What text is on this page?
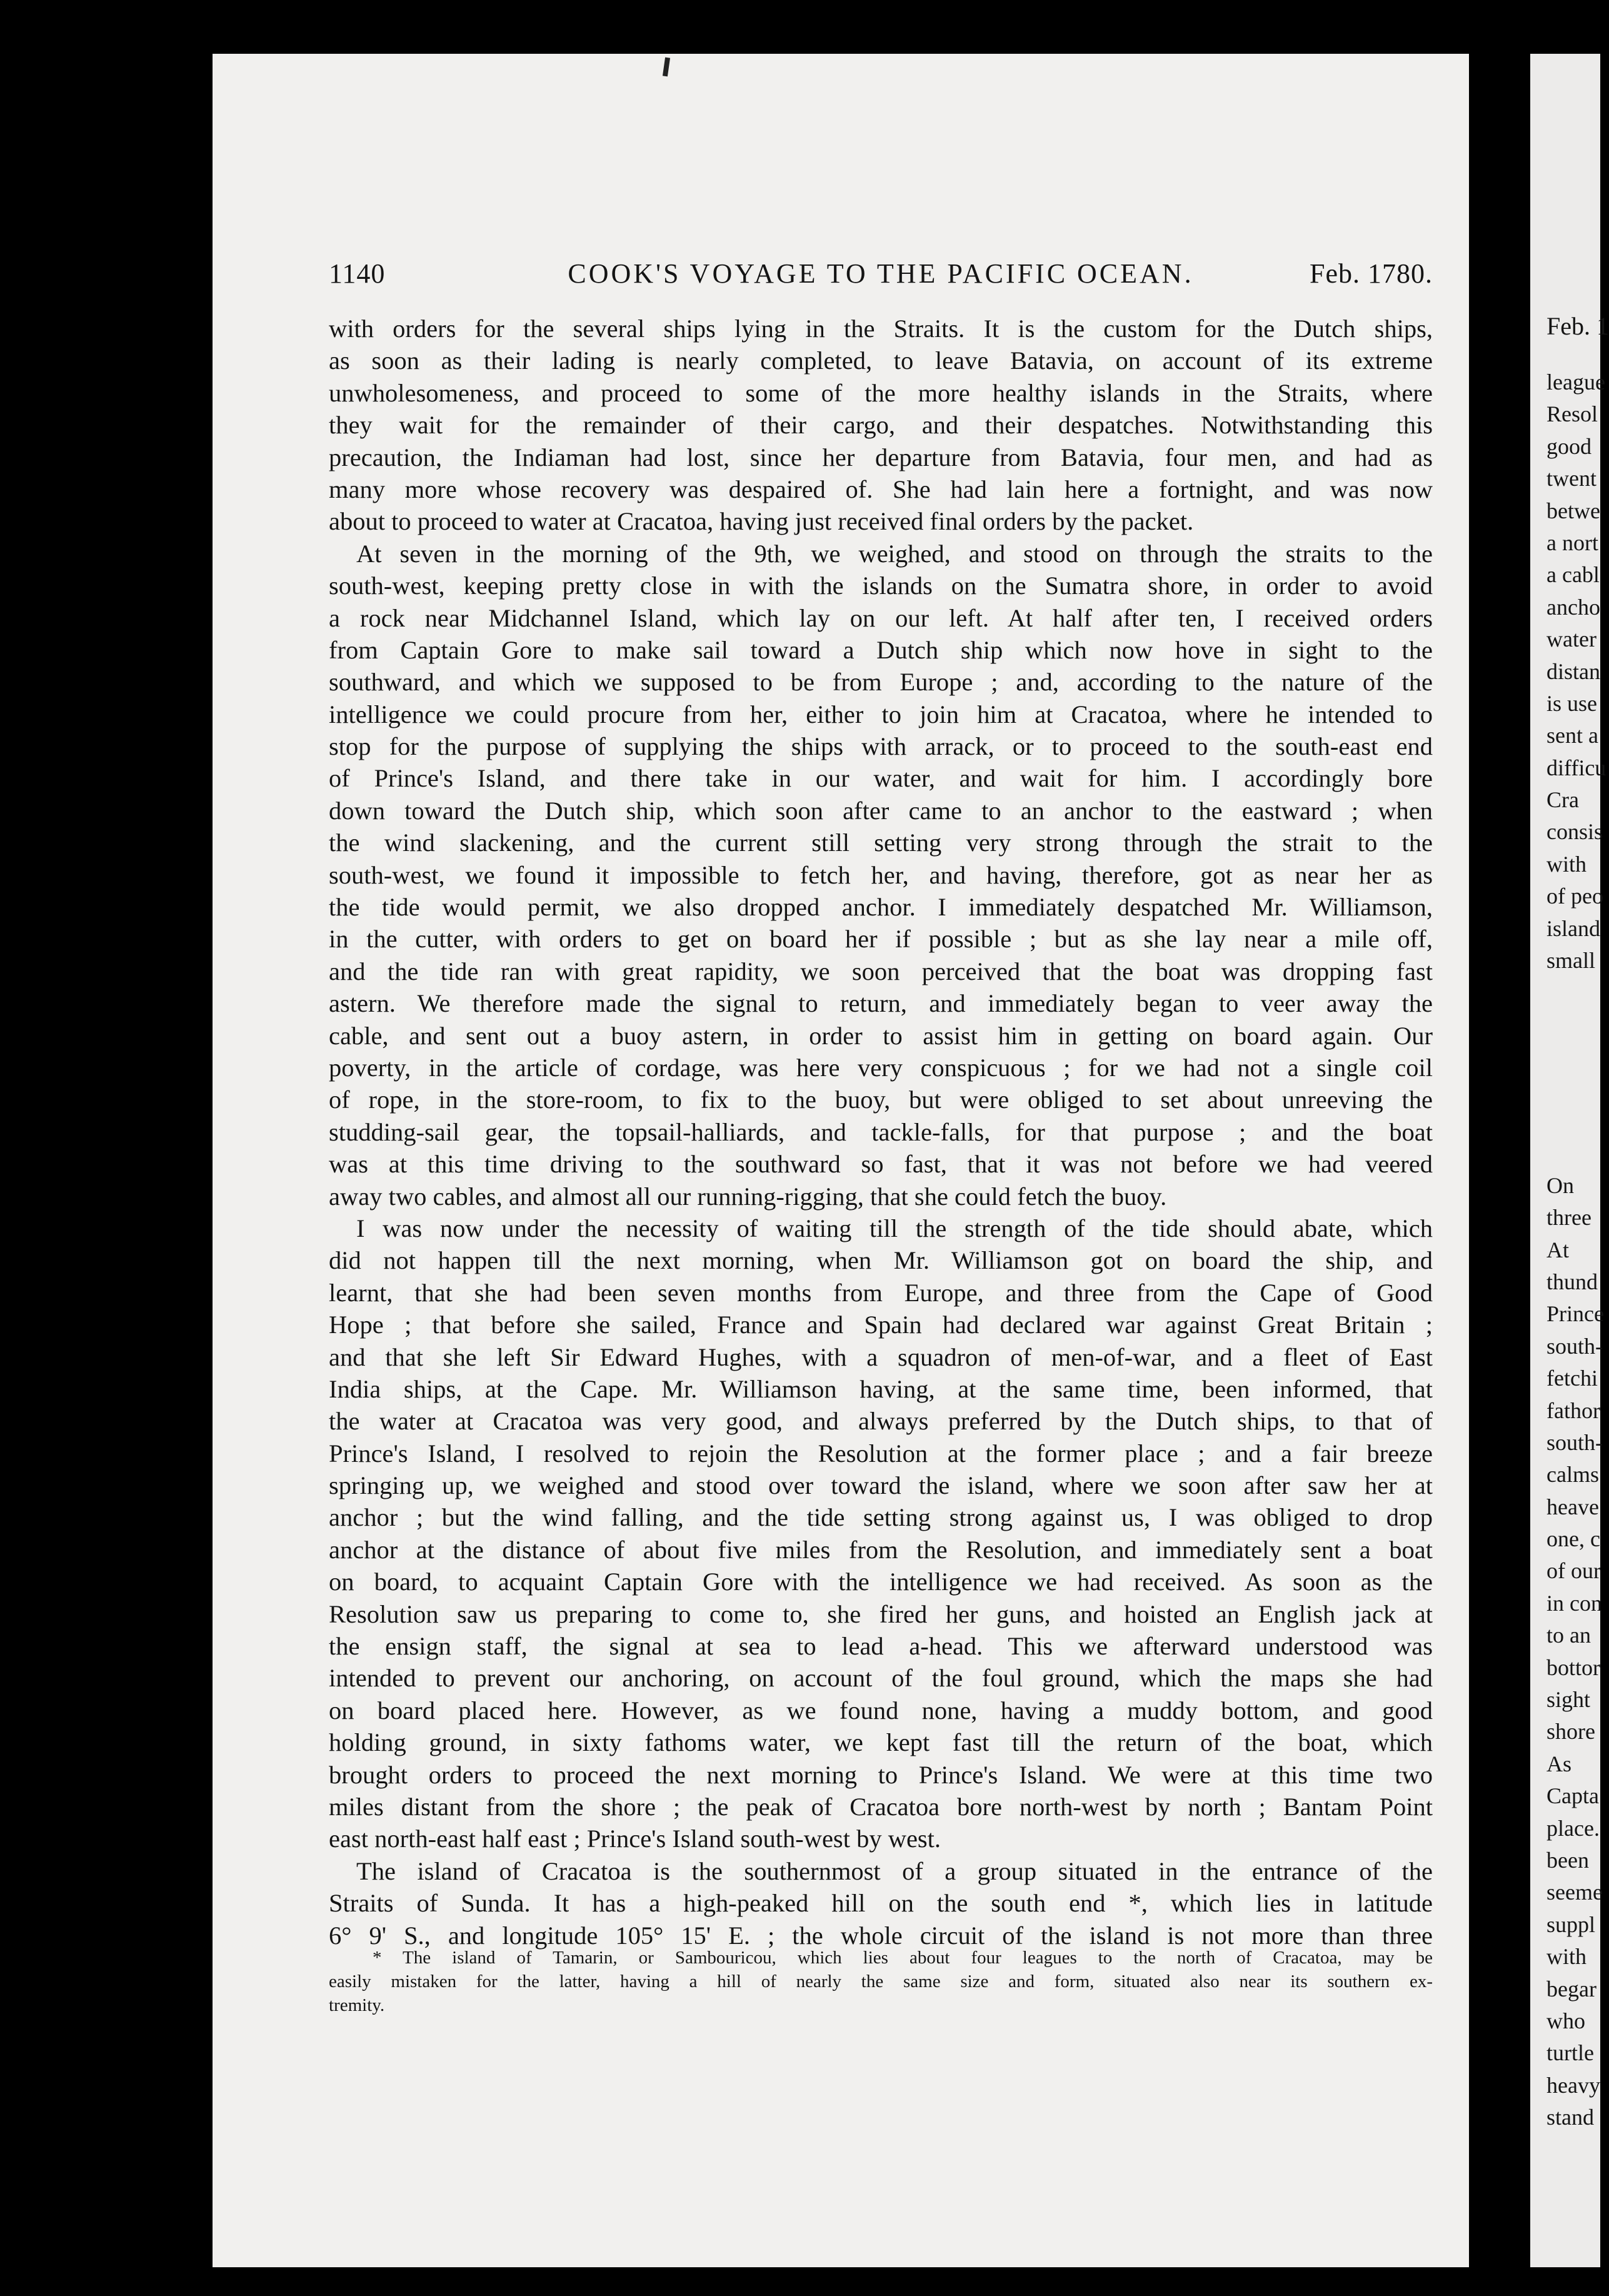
1140	COOK'S VOYAGE TO THE PACIFIC OCEAN.	Feb. 1780.
with orders for the several ships lying in the Straits. It is the custom for the Dutch ships,
as soon as their lading is nearly completed, to leave Batavia, on account of its extreme
unwholesomeness, and proceed to some of the more healthy islands in the Straits, where
they wait for the remainder of their cargo, and their despatches. Notwithstanding this
precaution, the Indiaman had lost, since her departure from Batavia, four men, and had as
many more whose recovery was despaired of. She had lain here a fortnight, and was now
about to proceed to water at Cracatoa, having just received final orders by the packet.
At seven in the morning of the 9th, we weighed, and stood on through the straits to the
south-west, keeping pretty close in with the islands on the Sumatra shore, in order to avoid
a rock near Midchannel Island, which lay on our left. At half after ten, I received orders
from Captain Gore to make sail toward a Dutch ship which now hove in sight to the
southward, and which we supposed to be from Europe ; and, according to the nature of the
intelligence we could procure from her, either to join him at Cracatoa, where he intended to
stop for the purpose of supplying the ships with arrack, or to proceed to the south-east end
of Prince's Island, and there take in our water, and wait for him. I accordingly bore
down toward the Dutch ship, which soon after came to an anchor to the eastward ; when
the wind slackening, and the current still setting very strong through the strait to the
south-west, we found it impossible to fetch her, and having, therefore, got as near her as
the tide would permit, we also dropped anchor. I immediately despatched Mr. Williamson,
in the cutter, with orders to get on board her if possible ; but as she lay near a mile off,
and the tide ran with great rapidity, we soon perceived that the boat was dropping fast
astern. We therefore made the signal to return, and immediately began to veer away the
cable, and sent out a buoy astern, in order to assist him in getting on board again. Our
poverty, in the article of cordage, was here very conspicuous ; for we had not a single coil
of rope, in the store-room, to fix to the buoy, but were obliged to set about unreeving the
studding-sail gear, the topsail-halliards, and tackle-falls, for that purpose ; and the boat
was at this time driving to the southward so fast, that it was not before we had veered
away two cables, and almost all our running-rigging, that she could fetch the buoy.
I was now under the necessity of waiting till the strength of the tide should abate, which
did not happen till the next morning, when Mr. Williamson got on board the ship, and
learnt, that she had been seven months from Europe, and three from the Cape of Good
Hope ; that before she sailed, France and Spain had declared war against Great Britain ;
and that she left Sir Edward Hughes, with a squadron of men-of-war, and a fleet of East
India ships, at the Cape. Mr. Williamson having, at the same time, been informed, that
the water at Cracatoa was very good, and always preferred by the Dutch ships, to that of
Prince's Island, I resolved to rejoin the Resolution at the former place ; and a fair breeze
springing up, we weighed and stood over toward the island, where we soon after saw her at
anchor ; but the wind falling, and the tide setting strong against us, I was obliged to drop
anchor at the distance of about five miles from the Resolution, and immediately sent a boat
on board, to acquaint Captain Gore with the intelligence we had received. As soon as the
Resolution saw us preparing to come to, she fired her guns, and hoisted an English jack at
the ensign staff, the signal at sea to lead a-head. This we afterward understood was
intended to prevent our anchoring, on account of the foul ground, which the maps she had
on board placed here. However, as we found none, having a muddy bottom, and good
holding ground, in sixty fathoms water, we kept fast till the return of the boat, which
brought orders to proceed the next morning to Prince's Island. We were at this time two
miles distant from the shore ; the peak of Cracatoa bore north-west by north ; Bantam Point
east north-east half east ; Prince's Island south-west by west.
The island of Cracatoa is the southernmost of a group situated in the entrance of the
Straits of Sunda. It has a high-peaked hill on the south end *, which lies in latitude
6° 9' S., and longitude 105° 15' E. ; the whole circuit of the island is not more than three
* The island of Tamarin, or Sambouricou, which lies about four leagues to the north of Cracatoa, may be
easily mistaken for the latter, having a hill of nearly the same size and form, situated also near its southern ex-
tremity.
Feb. 1
league
Resol
good
twent
betwe
a nort
a cabl
ancho
water
distan
is use
sent a
difficu
Cra
consis
with
of peo
island
small
On
three
At
thund
Prince
south-
fetchi
fathor
south-
calms
heave
one, c
of our
in con
to an
bottor
sight
shore
As
Capta
place.
been
seeme
suppl
with
begar
who
turtle
heavy
stand
